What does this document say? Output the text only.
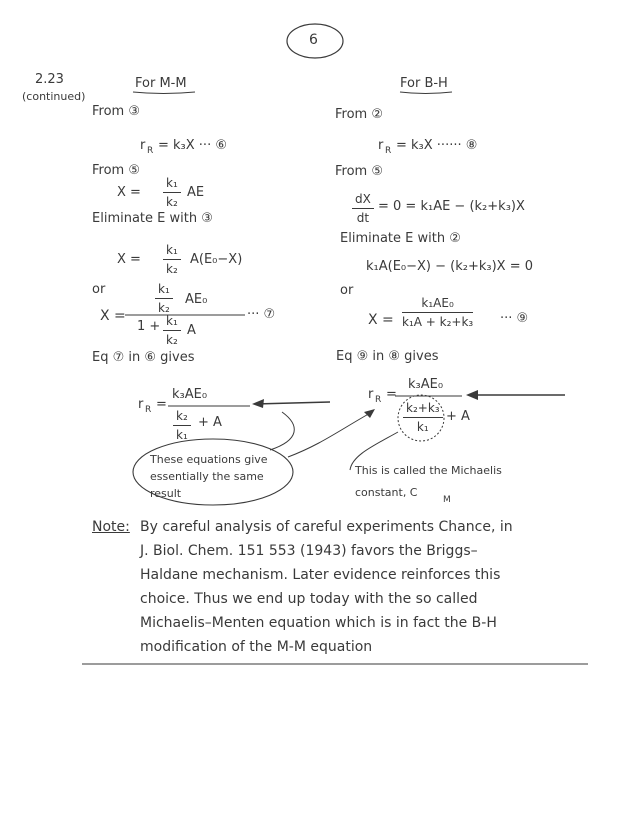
6
2.23
(continued)
For M-M
From ③
r R = k₃X ··· ⑥
From ⑤
X =
k₁
k₂
AE
Eliminate E with ③
X =
k₁
k₂
A(E₀−X)
or
X =
k₁
k₂
AE₀
1 + k₁
k₂
A
··· ⑦
Eq ⑦ in ⑥ gives
r R =
k₃AE₀
k₂
k₁
+ A
For B-H
From ②
r R = k₃X ······ ⑧
From ⑤
dX
dt
= 0 = k₁AE − (k₂+k₃)X
Eliminate E with ②
k₁A(E₀−X) − (k₂+k₃)X = 0
or
X =
k₁AE₀
k₁A + k₂+k₃ ··· ⑨
Eq ⑨ in ⑧ gives
r R =
k₃AE₀
k₂+k₃
k₁
+ A
These equations give
essentially the same
result
This is called the Michaelis
constant, C
M
Note: By careful analysis of careful experiments Chance, in
J. Biol. Chem. 151 553 (1943) favors the Briggs–
Haldane mechanism. Later evidence reinforces this
choice. Thus we end up today with the so called
Michaelis–Menten equation which is in fact the B-H
modification of the M-M equation
